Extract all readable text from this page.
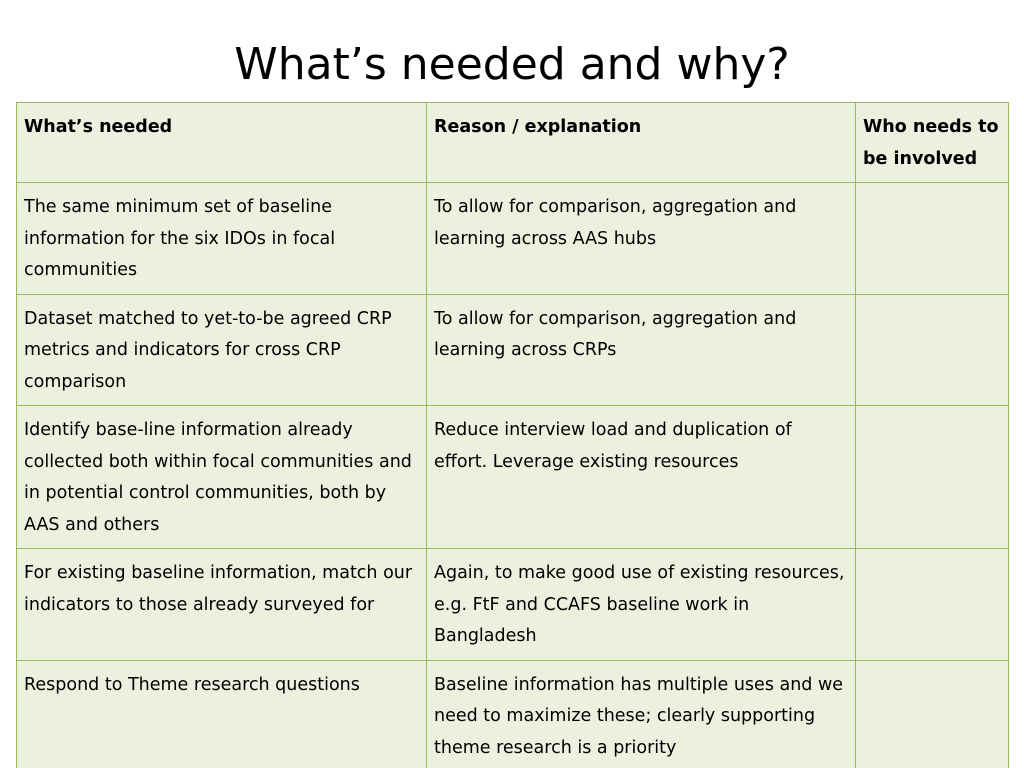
What’s needed and why?
What’s needed	Reason / explanation	Who needs to be involved
The same minimum set of baseline information for the six IDOs in focal communities	To allow for comparison, aggregation and learning across AAS hubs	
Dataset matched to yet-to-be agreed CRP metrics and indicators for cross CRP comparison	To allow for comparison, aggregation and learning across CRPs	
Identify base-line information already collected both within focal communities and in potential control communities, both by AAS and others	Reduce interview load and duplication of effort. Leverage existing resources	
For existing baseline information, match our indicators to those already surveyed for	Again, to make good use of existing resources, e.g. FtF and CCAFS baseline work in Bangladesh	
Respond to Theme research questions	Baseline information has multiple uses and we need to maximize these; clearly supporting theme research is a priority	
